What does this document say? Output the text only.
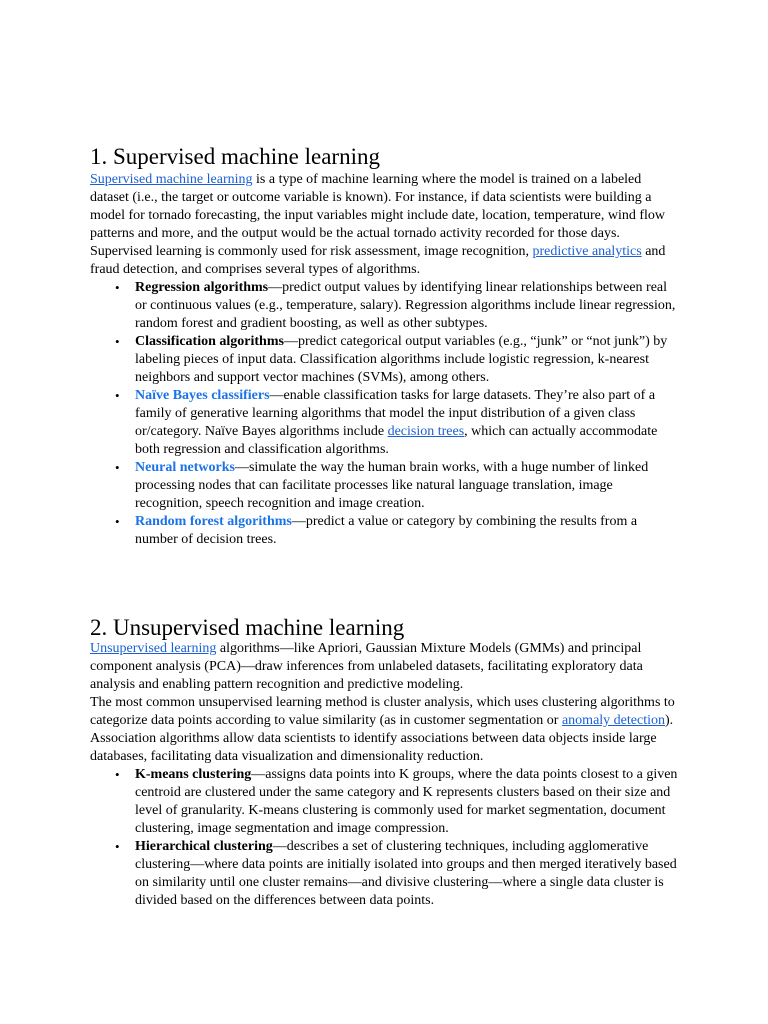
1. Supervised machine learning

Supervised machine learning is a type of machine learning where the model is trained on a labeled dataset (i.e., the target or outcome variable is known). For instance, if data scientists were building a model for tornado forecasting, the input variables might include date, location, temperature, wind flow patterns and more, and the output would be the actual tornado activity recorded for those days.

Supervised learning is commonly used for risk assessment, image recognition, predictive analytics and fraud detection, and comprises several types of algorithms.

• Regression algorithms—predict output values by identifying linear relationships between real or continuous values (e.g., temperature, salary). Regression algorithms include linear regression, random forest and gradient boosting, as well as other subtypes.
• Classification algorithms—predict categorical output variables (e.g., “junk” or “not junk”) by labeling pieces of input data. Classification algorithms include logistic regression, k-nearest neighbors and support vector machines (SVMs), among others.
• Naïve Bayes classifiers—enable classification tasks for large datasets. They’re also part of a family of generative learning algorithms that model the input distribution of a given class or/category. Naïve Bayes algorithms include decision trees, which can actually accommodate both regression and classification algorithms.
• Neural networks—simulate the way the human brain works, with a huge number of linked processing nodes that can facilitate processes like natural language translation, image recognition, speech recognition and image creation.
• Random forest algorithms—predict a value or category by combining the results from a number of decision trees.
2. Unsupervised machine learning

Unsupervised learning algorithms—like Apriori, Gaussian Mixture Models (GMMs) and principal component analysis (PCA)—draw inferences from unlabeled datasets, facilitating exploratory data analysis and enabling pattern recognition and predictive modeling.

The most common unsupervised learning method is cluster analysis, which uses clustering algorithms to categorize data points according to value similarity (as in customer segmentation or anomaly detection). Association algorithms allow data scientists to identify associations between data objects inside large databases, facilitating data visualization and dimensionality reduction.

• K-means clustering—assigns data points into K groups, where the data points closest to a given centroid are clustered under the same category and K represents clusters based on their size and level of granularity. K-means clustering is commonly used for market segmentation, document clustering, image segmentation and image compression.
• Hierarchical clustering—describes a set of clustering techniques, including agglomerative clustering—where data points are initially isolated into groups and then merged iteratively based on similarity until one cluster remains—and divisive clustering—where a single data cluster is divided based on the differences between data points.
